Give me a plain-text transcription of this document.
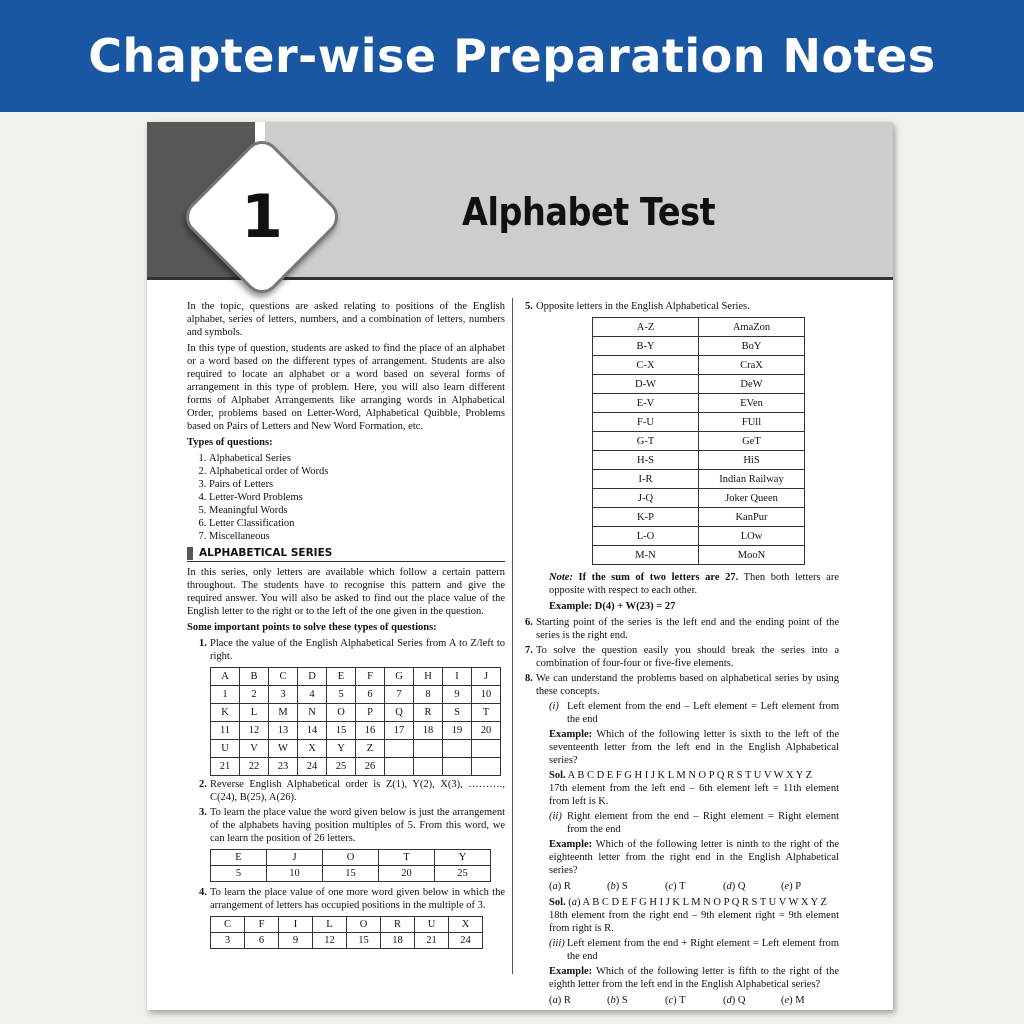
Chapter-wise Preparation Notes
1	Alphabet Test

In the topic, questions are asked relating to positions of the English alphabet, series of letters, numbers, and a combination of letters, numbers and symbols.

In this type of question, students are asked to find the place of an alphabet or a word based on the different types of arrangement. Students are also required to locate an alphabet or a word based on several forms of arrangement in this type of problem. Here, you will also learn different forms of Alphabet Arrangements like arranging words in Alphabetical Order, problems based on Letter-Word, Alphabetical Quibble, Problems based on Pairs of Letters and New Word Formation, etc.

Types of questions:

1. Alphabetical Series
2. Alphabetical order of Words
3. Pairs of Letters
4. Letter-Word Problems
5. Meaningful Words
6. Letter Classification
7. Miscellaneous
ALPHABETICAL SERIES

In this series, only letters are available which follow a certain pattern throughout. The students have to recognise this pattern and give the required answer. You will also be asked to find out the place value of the English letter to the right or to the left of the one given in the question.

Some important points to solve these types of questions:

1. Place the value of the English Alphabetical Series from A to Z/left to right.
A	B	C	D	E	F	G	H	I	J
1	2	3	4	5	6	7	8	9	10
K	L	M	N	O	P	Q	R	S	T
11	12	13	14	15	16	17	18	19	20
U	V	W	X	Y	Z				
21	22	23	24	25	26				
2. Reverse English Alphabetical order is Z(1), Y(2), X(3), ………., C(24), B(25), A(26).
3. To learn the place value the word given below is just the arrangement of the alphabets having position multiples of 5. From this word, we can learn the position of 26 letters.
E	J	O	T	Y
5	10	15	20	25
4. To learn the place value of one more word given below in which the arrangement of letters has occupied positions in the multiple of 3.
C	F	I	L	O	R	U	X
3	6	9	12	15	18	21	24
5. Opposite letters in the English Alphabetical Series.
A-Z	AmaZon
B-Y	BoY
C-X	CraX
D-W	DeW
E-V	EVen
F-U	FUll
G-T	GeT
H-S	HiS
I-R	Indian Railway
J-Q	Joker Queen
K-P	KanPur
L-O	LOw
M-N	MooN

Note: If the sum of two letters are 27. Then both letters are opposite with respect to each other.

Example: D(4) + W(23) = 27

6. Starting point of the series is the left end and the ending point of the series is the right end.
7. To solve the question easily you should break the series into a combination of four-four or five-five elements.
8. We can understand the problems based on alphabetical series by using these concepts.
(i) Left element from the end – Left element = Left element from the end

Example: Which of the following letter is sixth to the left of the seventeenth letter from the left end in the English Alphabetical series?

Sol. A B C D E F G H I J K L M N O P Q R S T U V W X Y Z

17th element from the left end – 6th element left = 11th element from left is K.

(ii) Right element from the end – Right element = Right element from the end

Example: Which of the following letter is ninth to the right of the eighteenth letter from the right end in the English Alphabetical series?

(a) R	(b) S	(c) T	(d) Q	(e) P

Sol. (a) A B C D E F G H I J K L M N O P Q R S T U V W X Y Z

18th element from the right end – 9th element right = 9th element from right is R.

(iii) Left element from the end + Right element = Left element from the end

Example: Which of the following letter is fifth to the right of the eighth letter from the left end in the English Alphabetical series?

(a) R	(b) S	(c) T	(d) Q	(e) M
